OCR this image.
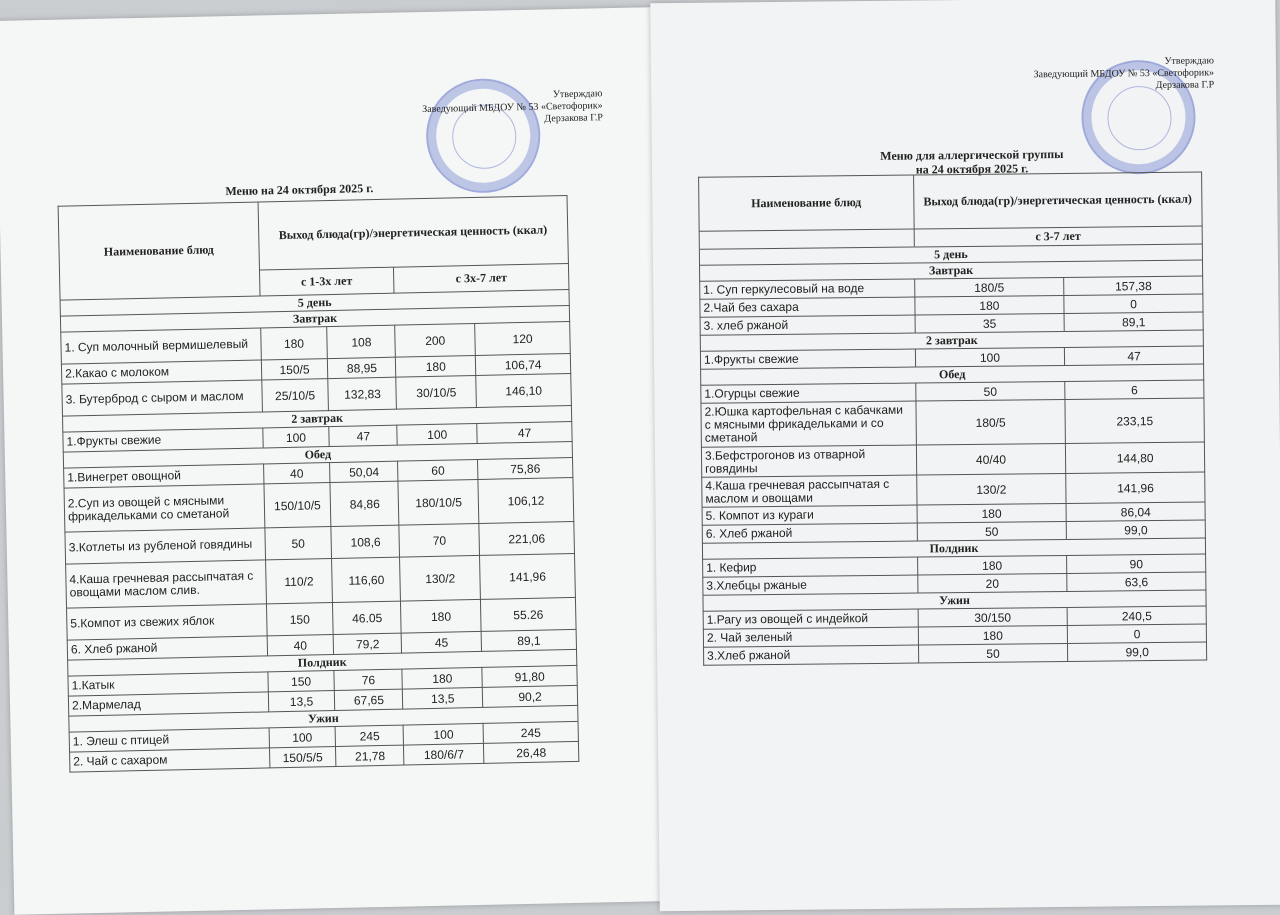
Утверждаю
Заведующий МБДОУ № 53 «Светофорик»
Дерзакова Г.Р
Меню на 24 октября 2025 г.
Наименование блюд	Выход блюда(гр)/энергетическая ценность (ккал)			
	с 1-3х лет		с 3х-7 лет	
5 день				
Завтрак				
1. Суп молочный вермишелевый	180	108	200	120
2.Какао с молоком	150/5	88,95	180	106,74
3. Бутерброд с сыром и маслом	25/10/5	132,83	30/10/5	146,10
2 завтрак				
1.Фрукты свежие	100	47	100	47
Обед				
1.Винегрет овощной	40	50,04	60	75,86
2.Суп из овощей с мясными фрикадельками со сметаной	150/10/5	84,86	180/10/5	106,12
3.Котлеты из рубленой говядины	50	108,6	70	221,06
4.Каша гречневая рассыпчатая с овощами маслом слив.	110/2	116,60	130/2	141,96
5.Компот из свежих яблок	150	46.05	180	55.26
6. Хлеб ржаной	40	79,2	45	89,1
Полдник				
1.Катык	150	76	180	91,80
2.Мармелад	13,5	67,65	13,5	90,2
Ужин				
1. Элеш с птицей	100	245	100	245
2. Чай с сахаром	150/5/5	21,78	180/6/7	26,48
Утверждаю
Заведующий МБДОУ № 53 «Светофорик»
Дерзакова Г.Р
Меню для аллергической группы
на 24 октября 2025 г.
Наименование блюд	Выход блюда(гр)/энергетическая ценность (ккал)	
	с 3-7 лет	
5 день		
Завтрак		
1. Суп геркулесовый на воде	180/5	157,38
2.Чай без сахара	180	0
3. хлеб ржаной	35	89,1
2 завтрак		
1.Фрукты свежие	100	47
Обед		
1.Огурцы свежие	50	6
2.Юшка картофельная с кабачками с мясными фрикадельками и со сметаной	180/5	233,15
3.Бефстрогонов из отварной говядины	40/40	144,80
4.Каша гречневая рассыпчатая с маслом и овощами	130/2	141,96
5. Компот из кураги	180	86,04
6. Хлеб ржаной	50	99,0
Полдник		
1. Кефир	180	90
3.Хлебцы ржаные	20	63,6
Ужин		
1.Рагу из овощей с индейкой	30/150	240,5
2. Чай зеленый	180	0
3.Хлеб ржаной	50	99,0
